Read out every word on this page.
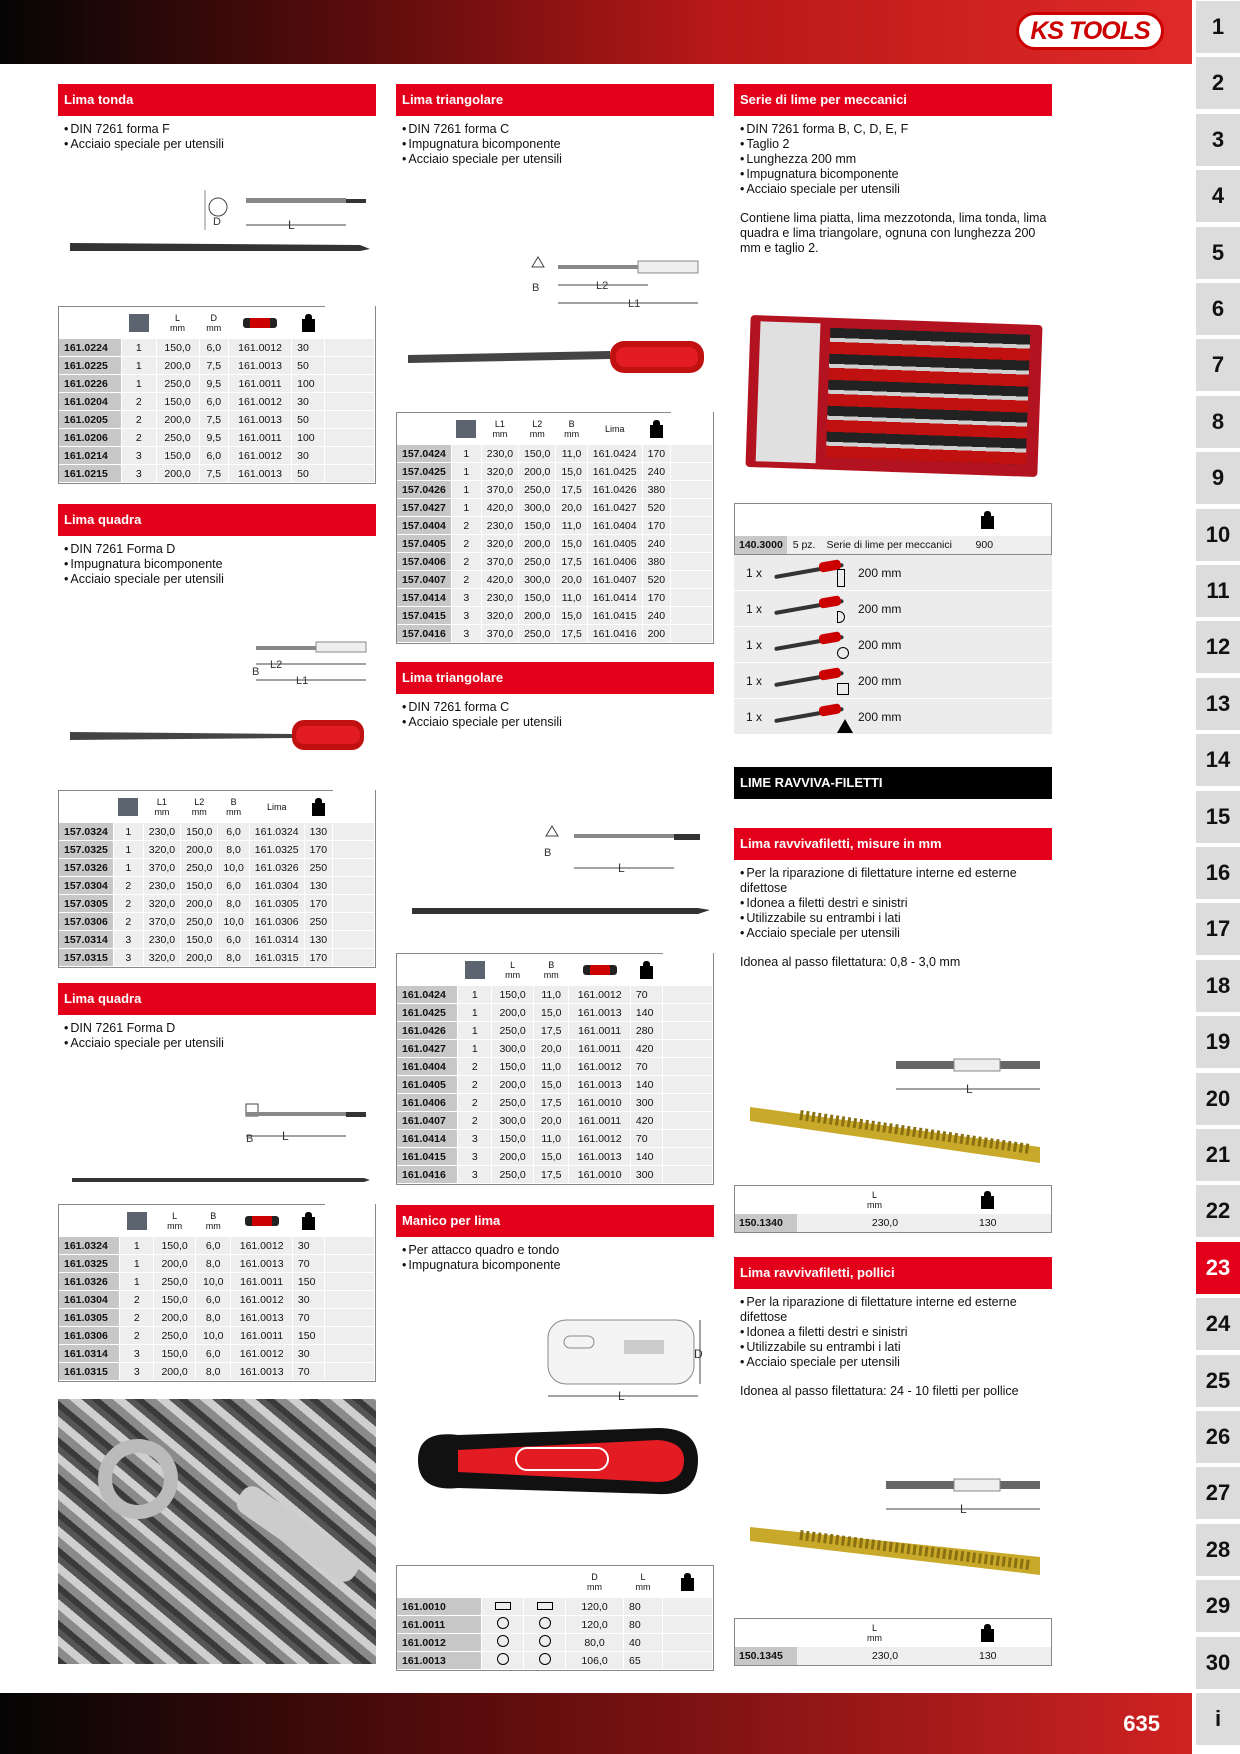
KS TOOLS	1
2
3
4
5
6
7
8
9
10
11
12
13
14
15
16
17
18
19
20
21
22
23
24
25
26
27
28
29
30
i
Lima tonda
• DIN 7261 forma F
• Acciaio speciale per utensili
D	L
		L
mm	D
mm			
161.0224	1	150,0	6,0	161.0012	30	
161.0225	1	200,0	7,5	161.0013	50	
161.0226	1	250,0	9,5	161.0011	100	
161.0204	2	150,0	6,0	161.0012	30	
161.0205	2	200,0	7,5	161.0013	50	
161.0206	2	250,0	9,5	161.0011	100	
161.0214	3	150,0	6,0	161.0012	30	
161.0215	3	200,0	7,5	161.0013	50	
Lima quadra
• DIN 7261 Forma D
• Impugnatura bicomponente
• Acciaio speciale per utensili
L2
L1
B
		L1
mm	L2
mm	B
mm	Lima		
157.0324	1	230,0	150,0	6,0	161.0324	130	
157.0325	1	320,0	200,0	8,0	161.0325	170	
157.0326	1	370,0	250,0	10,0	161.0326	250	
157.0304	2	230,0	150,0	6,0	161.0304	130	
157.0305	2	320,0	200,0	8,0	161.0305	170	
157.0306	2	370,0	250,0	10,0	161.0306	250	
157.0314	3	230,0	150,0	6,0	161.0314	130	
157.0315	3	320,0	200,0	8,0	161.0315	170	
Lima quadra
• DIN 7261 Forma D
• Acciaio speciale per utensili
B L
		L
mm	B
mm			
161.0324	1	150,0	6,0	161.0012	30	
161.0325	1	200,0	8,0	161.0013	70	
161.0326	1	250,0	10,0	161.0011	150	
161.0304	2	150,0	6,0	161.0012	30	
161.0305	2	200,0	8,0	161.0013	70	
161.0306	2	250,0	10,0	161.0011	150	
161.0314	3	150,0	6,0	161.0012	30	
161.0315	3	200,0	8,0	161.0013	70	
Lima triangolare
• DIN 7261 forma C
• Impugnatura bicomponente
• Acciaio speciale per utensili
B	L2
L1
		L1
mm	L2
mm	B
mm	Lima		
157.0424	1	230,0	150,0	11,0	161.0424	170	
157.0425	1	320,0	200,0	15,0	161.0425	240	
157.0426	1	370,0	250,0	17,5	161.0426	380	
157.0427	1	420,0	300,0	20,0	161.0427	520	
157.0404	2	230,0	150,0	11,0	161.0404	170	
157.0405	2	320,0	200,0	15,0	161.0405	240	
157.0406	2	370,0	250,0	17,5	161.0406	380	
157.0407	2	420,0	300,0	20,0	161.0407	520	
157.0414	3	230,0	150,0	11,0	161.0414	170	
157.0415	3	320,0	200,0	15,0	161.0415	240	
157.0416	3	370,0	250,0	17,5	161.0416	200	
Lima triangolare
• DIN 7261 forma C
• Acciaio speciale per utensili
B
L
		L
mm	B
mm			
161.0424	1	150,0	11,0	161.0012	70	
161.0425	1	200,0	15,0	161.0013	140	
161.0426	1	250,0	17,5	161.0011	280	
161.0427	1	300,0	20,0	161.0011	420	
161.0404	2	150,0	11,0	161.0012	70	
161.0405	2	200,0	15,0	161.0013	140	
161.0406	2	250,0	17,5	161.0010	300	
161.0407	2	300,0	20,0	161.0011	420	
161.0414	3	150,0	11,0	161.0012	70	
161.0415	3	200,0	15,0	161.0013	140	
161.0416	3	250,0	17,5	161.0010	300	
Manico per lima
• Per attacco quadro e tondo
• Impugnatura bicomponente
L
D
			D
mm	L
mm	
161.0010			120,0	80	
161.0011			120,0	80	
161.0012			80,0	40	
161.0013			106,0	65	
Serie di lime per meccanici
• DIN 7261 forma B, C, D, E, F
• Taglio 2
• Lunghezza 200 mm
• Impugnatura bicomponente
• Acciaio speciale per utensili
Contiene lima piatta, lima mezzotonda, lima tonda, lima quadra e lima triangolare, ognuna con lunghezza 200 mm e taglio 2.
140.3000 5 pz.	Serie di lime per meccanici	900
1 x	200 mm
1 x	200 mm
1 x	200 mm
1 x	200 mm
1 x	200 mm
LIME RAVVIVA-FILETTI
Lima ravvivafiletti, misure in mm
• Per la riparazione di filettature interne ed esterne difettose
• Idonea a filetti destri e sinistri
• Utilizzabile su entrambi i lati
• Acciaio speciale per utensili
Idonea al passo filettatura: 0,8 - 3,0 mm
L
L
mm
150.1340	230,0	130
Lima ravvivafiletti, pollici
• Per la riparazione di filettature interne ed esterne difettose
• Idonea a filetti destri e sinistri
• Utilizzabile su entrambi i lati
• Acciaio speciale per utensili
Idonea al passo filettatura: 24 - 10 filetti per pollice
L
L
mm
150.1345	230,0	130
635
